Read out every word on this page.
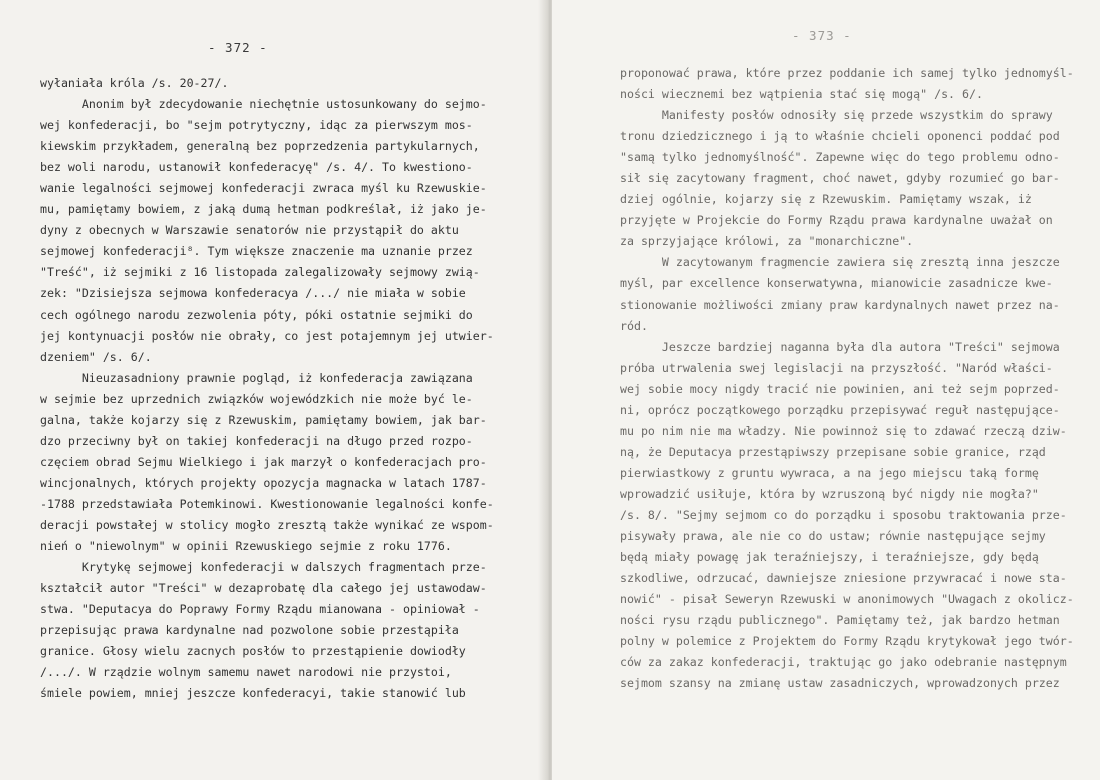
- 372 -
wyłaniała króla /s. 20-27/.
Anonim był zdecydowanie niechętnie ustosunkowany do sejmo-
wej konfederacji, bo "sejm potrytyczny, idąc za pierwszym mos-
kiewskim przykładem, generalną bez poprzedzenia partykularnych,
bez woli narodu, ustanowił konfederacyę" /s. 4/. To kwestiono-
wanie legalności sejmowej konfederacji zwraca myśl ku Rzewuskie-
mu, pamiętamy bowiem, z jaką dumą hetman podkreślał, iż jako je-
dyny z obecnych w Warszawie senatorów nie przystąpił do aktu
sejmowej konfederacji⁸. Tym większe znaczenie ma uznanie przez
"Treść", iż sejmiki z 16 listopada zalegalizowały sejmowy zwią-
zek: "Dzisiejsza sejmowa konfederacya /.../ nie miała w sobie
cech ogólnego narodu zezwolenia póty, póki ostatnie sejmiki do
jej kontynuacji posłów nie obrały, co jest potajemnym jej utwier-
dzeniem" /s. 6/.
Nieuzasadniony prawnie pogląd, iż konfederacja zawiązana
w sejmie bez uprzednich związków wojewódzkich nie może być le-
galna, także kojarzy się z Rzewuskim, pamiętamy bowiem, jak bar-
dzo przeciwny był on takiej konfederacji na długo przed rozpo-
częciem obrad Sejmu Wielkiego i jak marzył o konfederacjach pro-
wincjonalnych, których projekty opozycja magnacka w latach 1787-
-1788 przedstawiała Potemkinowi. Kwestionowanie legalności konfe-
deracji powstałej w stolicy mogło zresztą także wynikać ze wspom-
nień o "niewolnym" w opinii Rzewuskiego sejmie z roku 1776.
Krytykę sejmowej konfederacji w dalszych fragmentach prze-
kształcił autor "Treści" w dezaprobatę dla całego jej ustawodaw-
stwa. "Deputacya do Poprawy Formy Rządu mianowana - opiniował -
przepisując prawa kardynalne nad pozwolone sobie przestąpiła
granice. Głosy wielu zacnych posłów to przestąpienie dowiodły
/.../. W rządzie wolnym samemu nawet narodowi nie przystoi,
śmiele powiem, mniej jeszcze konfederacyi, takie stanowić lub
- 373 -
proponować prawa, które przez poddanie ich samej tylko jednomyśl-
ności wiecznemi bez wątpienia stać się mogą" /s. 6/.
Manifesty posłów odnosiły się przede wszystkim do sprawy
tronu dziedzicznego i ją to właśnie chcieli oponenci poddać pod
"samą tylko jednomyślność". Zapewne więc do tego problemu odno-
sił się zacytowany fragment, choć nawet, gdyby rozumieć go bar-
dziej ogólnie, kojarzy się z Rzewuskim. Pamiętamy wszak, iż
przyjęte w Projekcie do Formy Rządu prawa kardynalne uważał on
za sprzyjające królowi, za "monarchiczne".
W zacytowanym fragmencie zawiera się zresztą inna jeszcze
myśl, par excellence konserwatywna, mianowicie zasadnicze kwe-
stionowanie możliwości zmiany praw kardynalnych nawet przez na-
ród.
Jeszcze bardziej naganna była dla autora "Treści" sejmowa
próba utrwalenia swej legislacji na przyszłość. "Naród właści-
wej sobie mocy nigdy tracić nie powinien, ani też sejm poprzed-
ni, oprócz początkowego porządku przepisywać reguł następujące-
mu po nim nie ma władzy. Nie powinnoż się to zdawać rzeczą dziw-
ną, że Deputacya przestąpiwszy przepisane sobie granice, rząd
pierwiastkowy z gruntu wywraca, a na jego miejscu taką formę
wprowadzić usiłuje, która by wzruszoną być nigdy nie mogła?"
/s. 8/. "Sejmy sejmom co do porządku i sposobu traktowania prze-
pisywały prawa, ale nie co do ustaw; równie następujące sejmy
będą miały powagę jak teraźniejszy, i teraźniejsze, gdy będą
szkodliwe, odrzucać, dawniejsze zniesione przywracać i nowe sta-
nowić" - pisał Seweryn Rzewuski w anonimowych "Uwagach z okolicz-
ności rysu rządu publicznego". Pamiętamy też, jak bardzo hetman
polny w polemice z Projektem do Formy Rządu krytykował jego twór-
ców za zakaz konfederacji, traktując go jako odebranie następnym
sejmom szansy na zmianę ustaw zasadniczych, wprowadzonych przez
